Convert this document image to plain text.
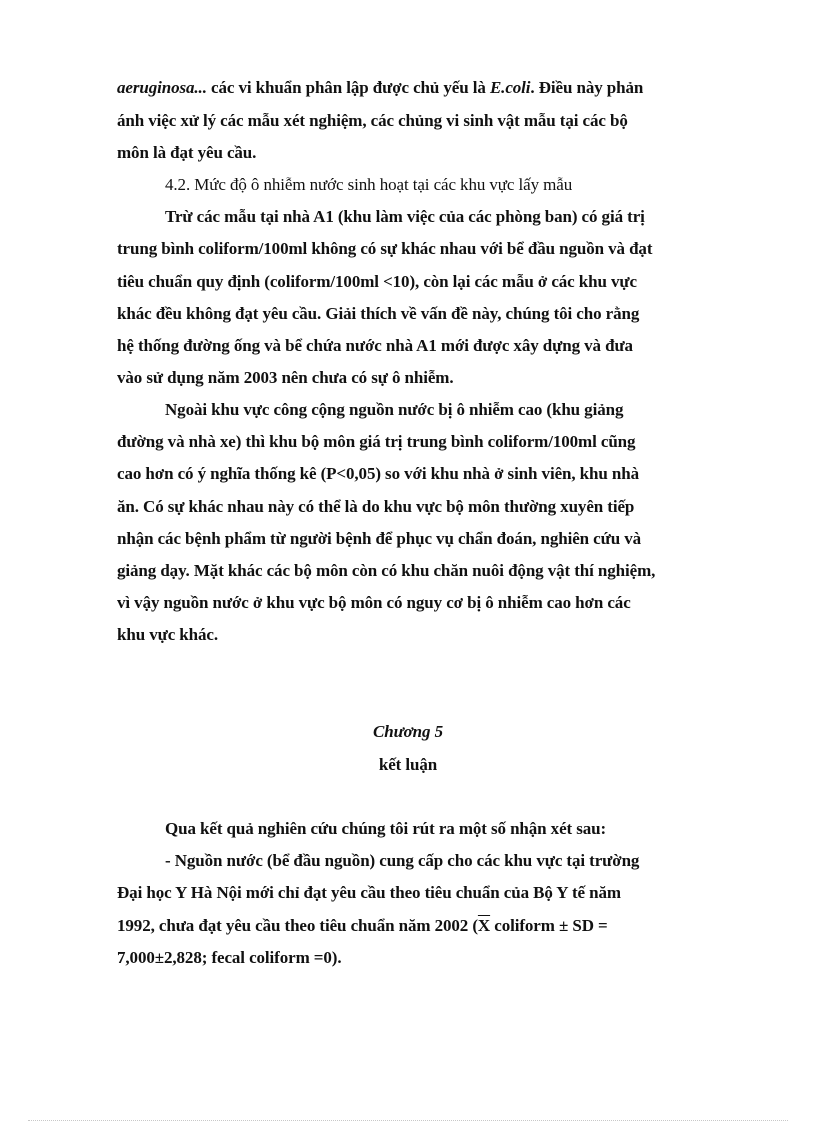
aeruginosa... các vi khuẩn phân lập được chủ yếu là E.coli. Điều này phản
ánh việc xử lý các mẫu xét nghiệm, các chủng vi sinh vật mẫu tại các bộ
môn là đạt yêu cầu.
4.2. Mức độ ô nhiễm nước sinh hoạt tại các khu vực lấy mẫu
Trừ các mẫu tại nhà A1 (khu làm việc của các phòng ban) có giá trị
trung bình coliform/100ml không có sự khác nhau với bể đầu nguồn và đạt
tiêu chuẩn quy định (coliform/100ml <10), còn lại các mẫu ở các khu vực
khác đều không đạt yêu cầu. Giải thích về vấn đề này, chúng tôi cho rằng
hệ thống đường ống và bể chứa nước nhà A1 mới được xây dựng và đưa
vào sử dụng năm 2003 nên chưa có sự ô nhiễm.
Ngoài khu vực công cộng nguồn nước bị ô nhiễm cao (khu giảng
đường và nhà xe) thì khu bộ môn giá trị trung bình coliform/100ml cũng
cao hơn có ý nghĩa thống kê (P<0,05) so với khu nhà ở sinh viên, khu nhà
ăn. Có sự khác nhau này có thể là do khu vực bộ môn thường xuyên tiếp
nhận các bệnh phẩm từ người bệnh để phục vụ chẩn đoán, nghiên cứu và
giảng dạy. Mặt khác các bộ môn còn có khu chăn nuôi động vật thí nghiệm,
vì vậy nguồn nước ở khu vực bộ môn có nguy cơ bị ô nhiễm cao hơn các
khu vực khác.
Chương 5
kết luận
Qua kết quả nghiên cứu chúng tôi rút ra một số nhận xét sau:
- Nguồn nước (bể đầu nguồn) cung cấp cho các khu vực tại trường
Đại học Y Hà Nội mới chỉ đạt yêu cầu theo tiêu chuẩn của Bộ Y tế năm
1992, chưa đạt yêu cầu theo tiêu chuẩn năm 2002 ($\overline{X}$ coliform ± SD =
7,000±2,828; fecal coliform =0).
